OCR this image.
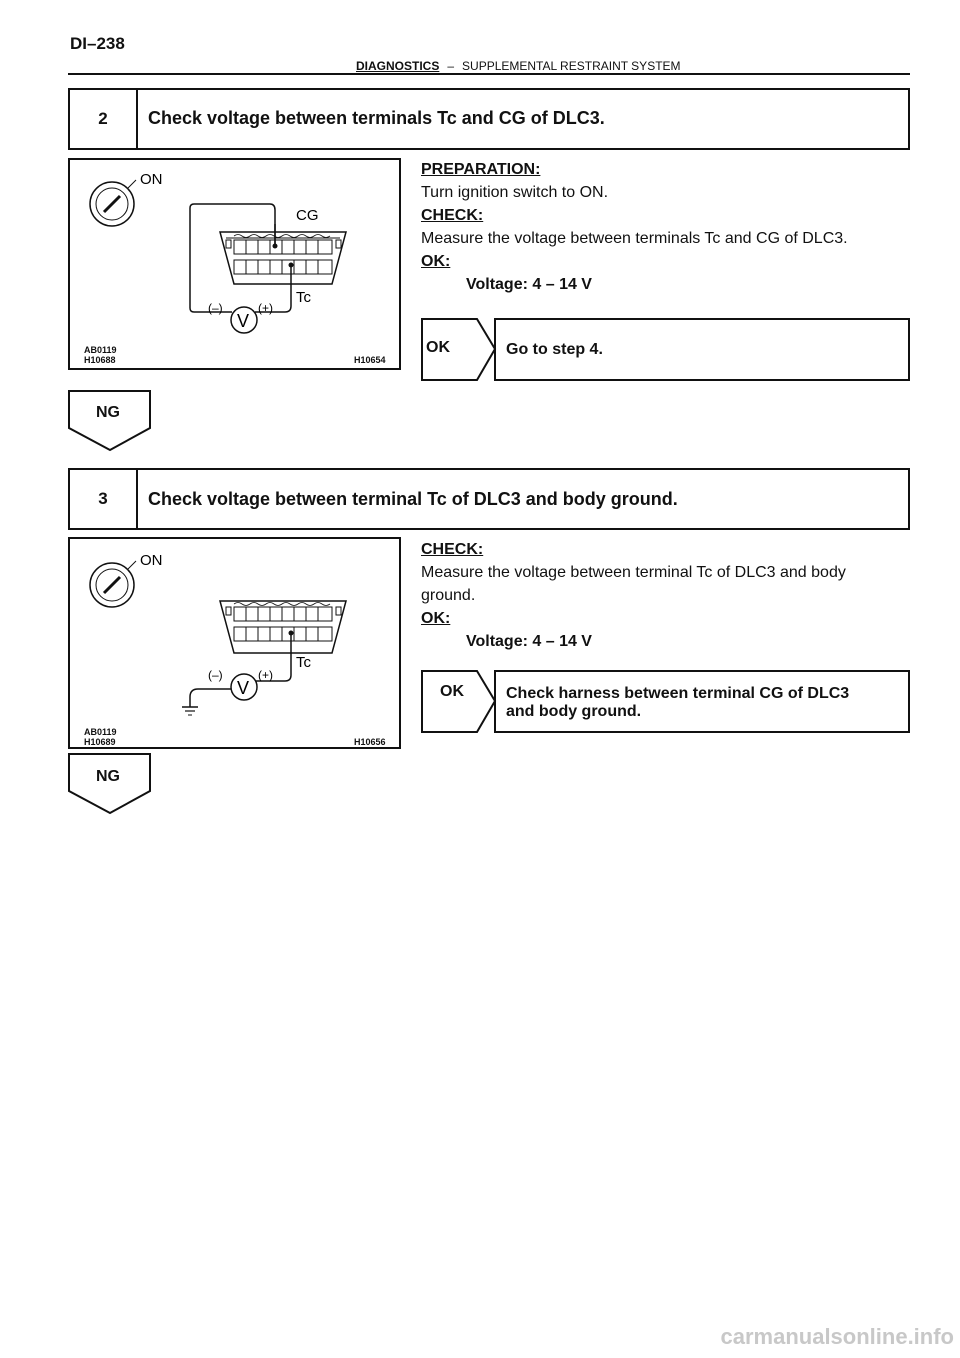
DI–238
DIAGNOSTICS – SUPPLEMENTAL RESTRAINT SYSTEM
2	Check voltage between terminals Tc and CG of DLC3.
ON
CG
Tc
V
(–)	(+)
AB0119
H10688	H10654
PREPARATION:
Turn ignition switch to ON.
CHECK:
Measure the voltage between terminals Tc and CG of DLC3.
OK:
Voltage: 4 – 14 V
OK	Go to step 4.
NG
3	Check voltage between terminal Tc of DLC3 and body ground.
ON
Tc
V
(–)	(+)
AB0119
H10689	H10656
CHECK:
Measure the voltage between terminal Tc of DLC3 and body
ground.
OK:
Voltage: 4 – 14 V
OK	Check harness between terminal CG of DLC3
and body ground.
NG
carmanualsonline.info
